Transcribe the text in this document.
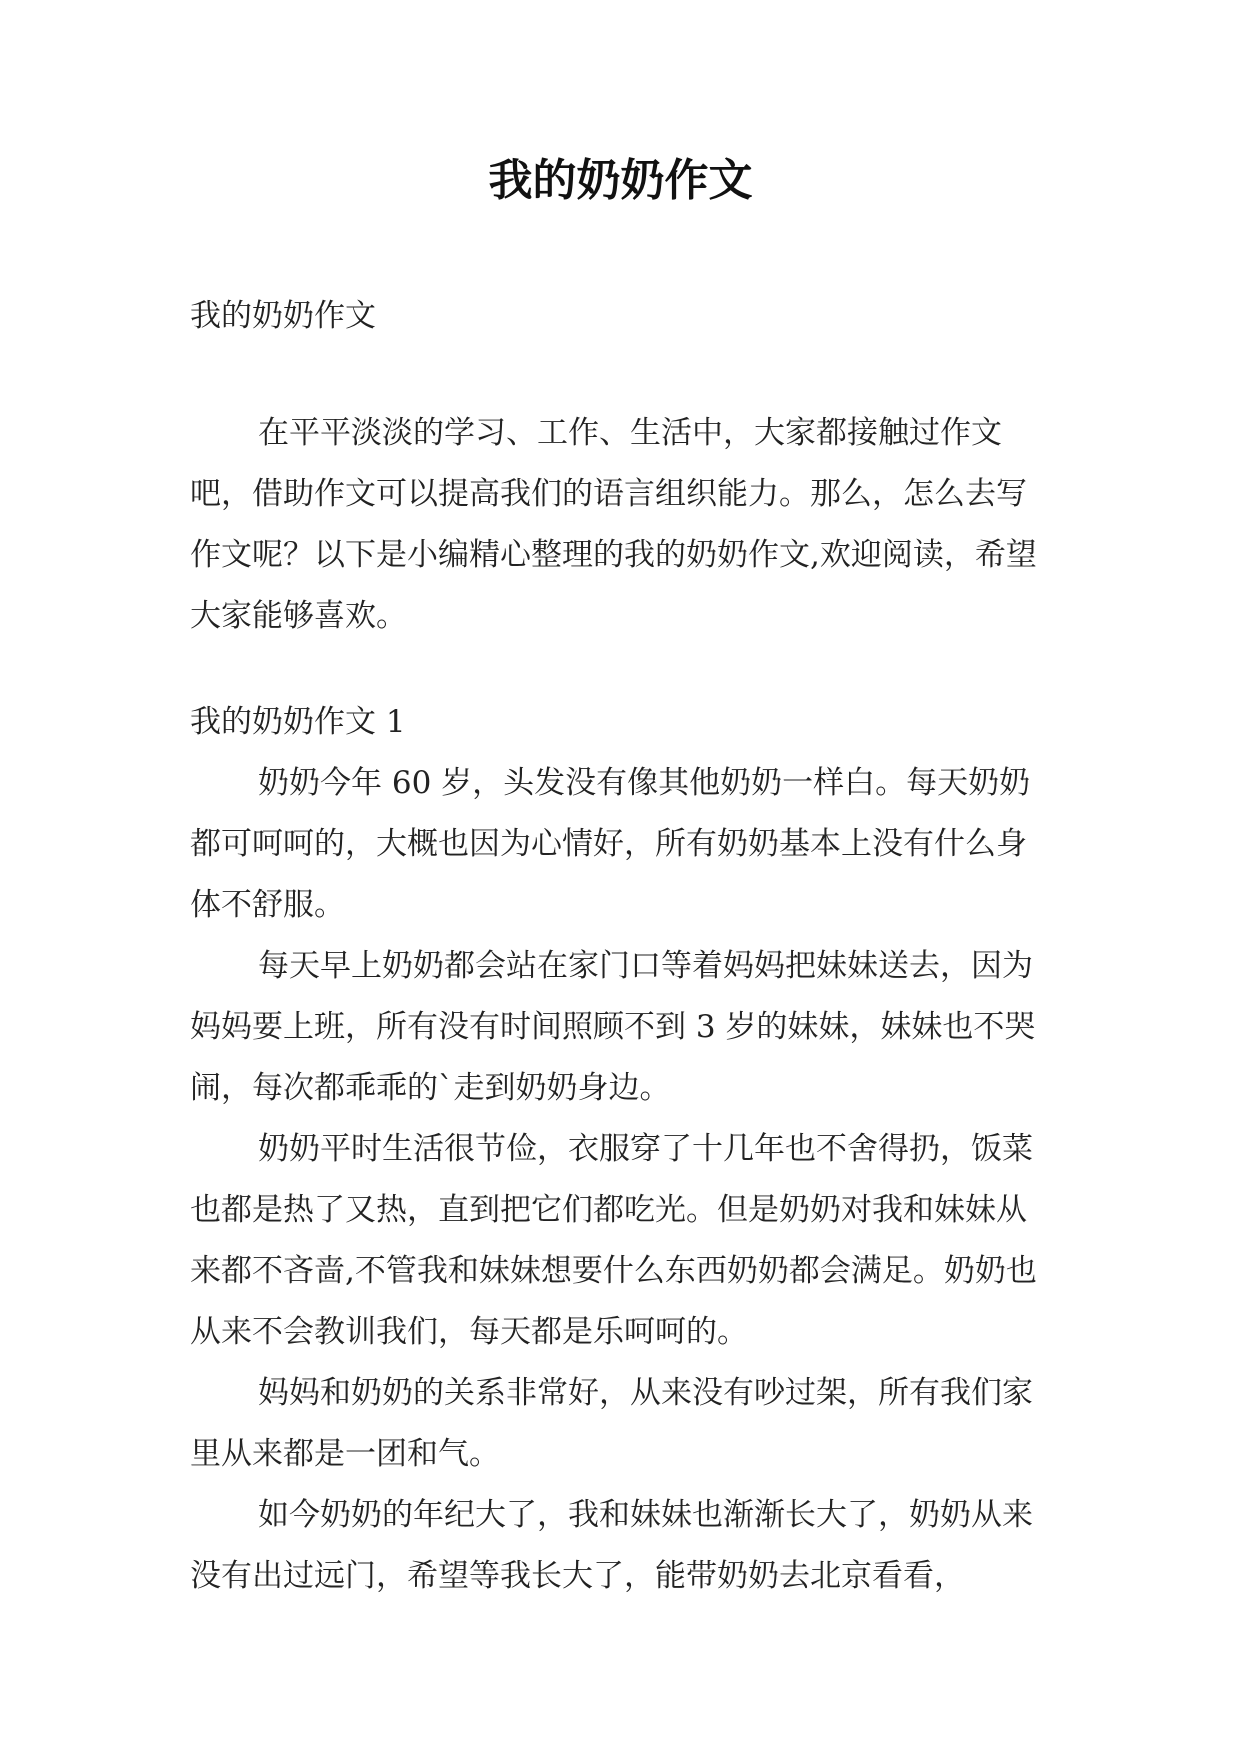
我的奶奶作文

我的奶奶作文

在平平淡淡的学习、工作、生活中，大家都接触过作文吧，借助作文可以提高我们的语言组织能力。那么，怎么去写作文呢？以下是小编精心整理的我的奶奶作文,欢迎阅读，希望大家能够喜欢。

我的奶奶作文 1

奶奶今年 60 岁，头发没有像其他奶奶一样白。每天奶奶都可呵呵的，大概也因为心情好，所有奶奶基本上没有什么身体不舒服。

每天早上奶奶都会站在家门口等着妈妈把妹妹送去，因为妈妈要上班，所有没有时间照顾不到 3 岁的妹妹，妹妹也不哭闹，每次都乖乖的`走到奶奶身边。

奶奶平时生活很节俭，衣服穿了十几年也不舍得扔，饭菜也都是热了又热，直到把它们都吃光。但是奶奶对我和妹妹从来都不吝啬,不管我和妹妹想要什么东西奶奶都会满足。奶奶也从来不会教训我们，每天都是乐呵呵的。

妈妈和奶奶的关系非常好，从来没有吵过架，所有我们家里从来都是一团和气。

如今奶奶的年纪大了，我和妹妹也渐渐长大了，奶奶从来没有出过远门，希望等我长大了，能带奶奶去北京看看，
